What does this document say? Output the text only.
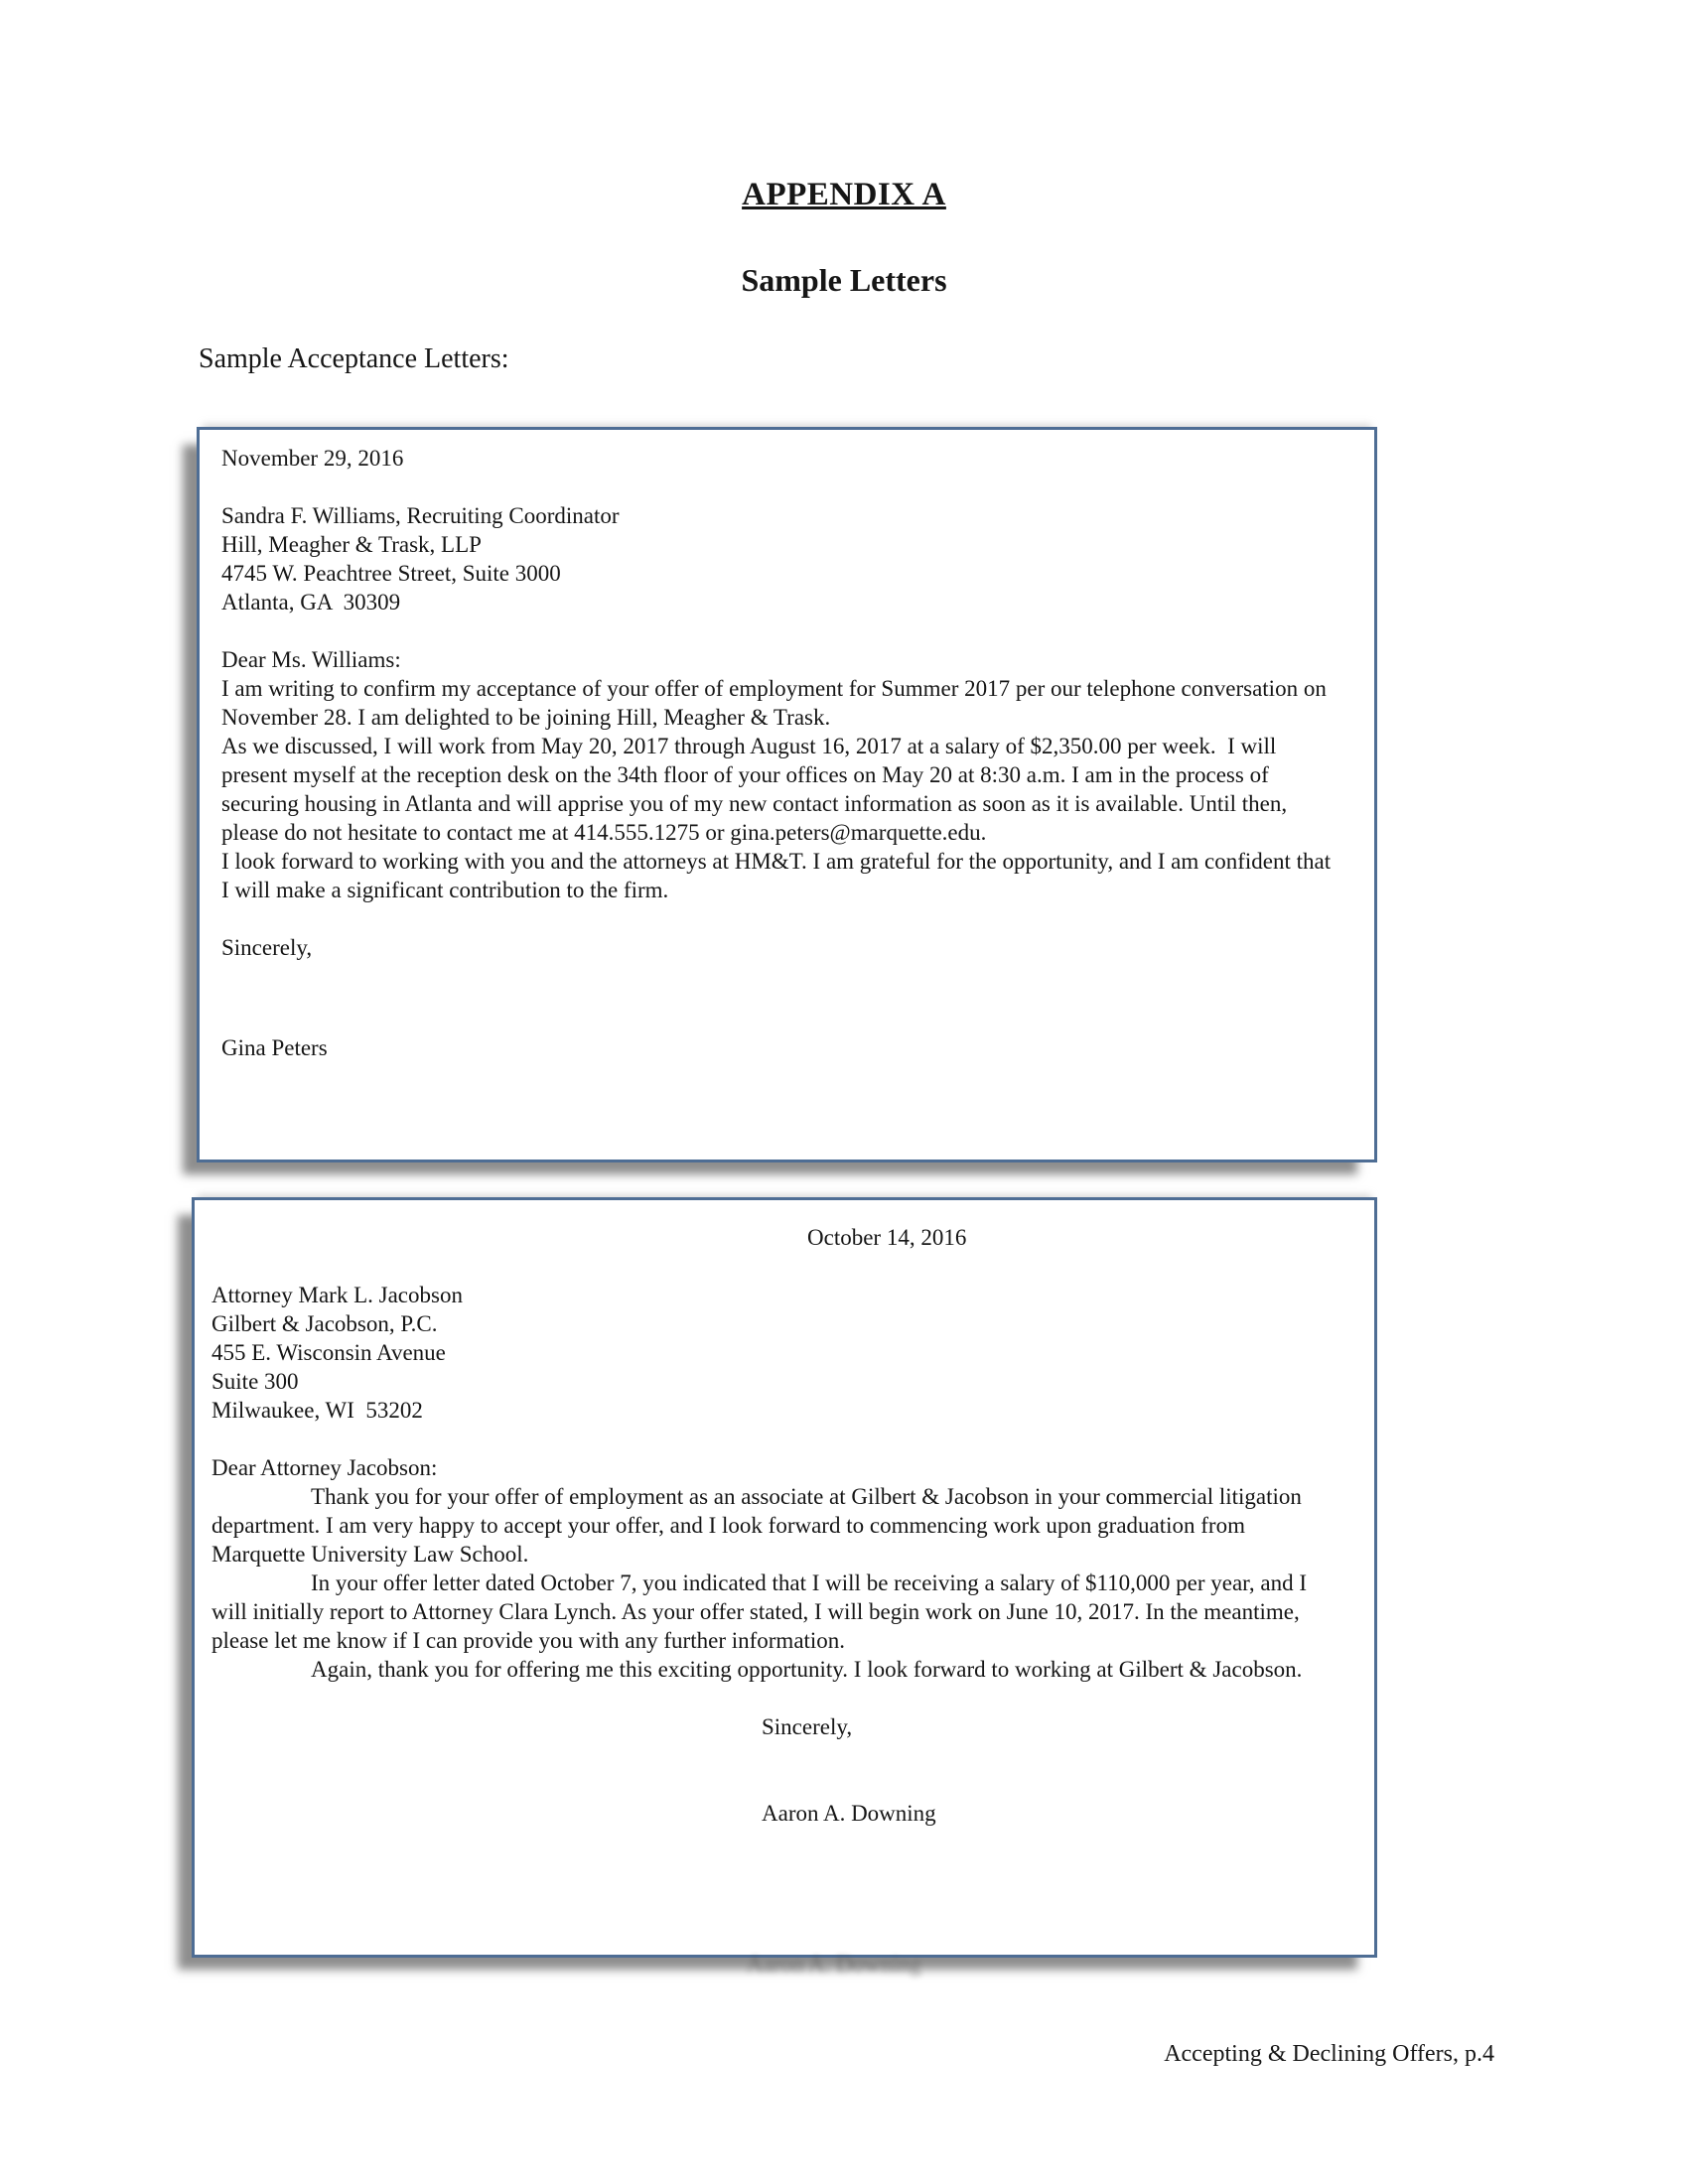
APPENDIX A
Sample Letters
Sample Acceptance Letters:
November 29, 2016
Sandra F. Williams, Recruiting Coordinator
Hill, Meagher & Trask, LLP
4745 W. Peachtree Street, Suite 3000
Atlanta, GA  30309
Dear Ms. Williams:

I am writing to confirm my acceptance of your offer of employment for Summer 2017 per our telephone conversation on November 28. I am delighted to be joining Hill, Meagher & Trask.

As we discussed, I will work from May 20, 2017 through August 16, 2017 at a salary of $2,350.00 per week.  I will present myself at the reception desk on the 34th floor of your offices on May 20 at 8:30 a.m. I am in the process of securing housing in Atlanta and will apprise you of my new contact information as soon as it is available. Until then, please do not hesitate to contact me at 414.555.1275 or gina.peters@marquette.edu.

I look forward to working with you and the attorneys at HM&T. I am grateful for the opportunity, and I am confident that I will make a significant contribution to the firm.

Sincerely,
Gina Peters
October 14, 2016
Attorney Mark L. Jacobson
Gilbert & Jacobson, P.C.
455 E. Wisconsin Avenue
Suite 300
Milwaukee, WI  53202
Dear Attorney Jacobson:

Thank you for your offer of employment as an associate at Gilbert & Jacobson in your commercial litigation department. I am very happy to accept your offer, and I look forward to commencing work upon graduation from Marquette University Law School.

In your offer letter dated October 7, you indicated that I will be receiving a salary of $110,000 per year, and I will initially report to Attorney Clara Lynch. As your offer stated, I will begin work on June 10, 2017. In the meantime, please let me know if I can provide you with any further information.

Again, thank you for offering me this exciting opportunity. I look forward to working at Gilbert & Jacobson.

Sincerely,
Aaron A. Downing
Aaron A. Downing
Accepting & Declining Offers, p.4
